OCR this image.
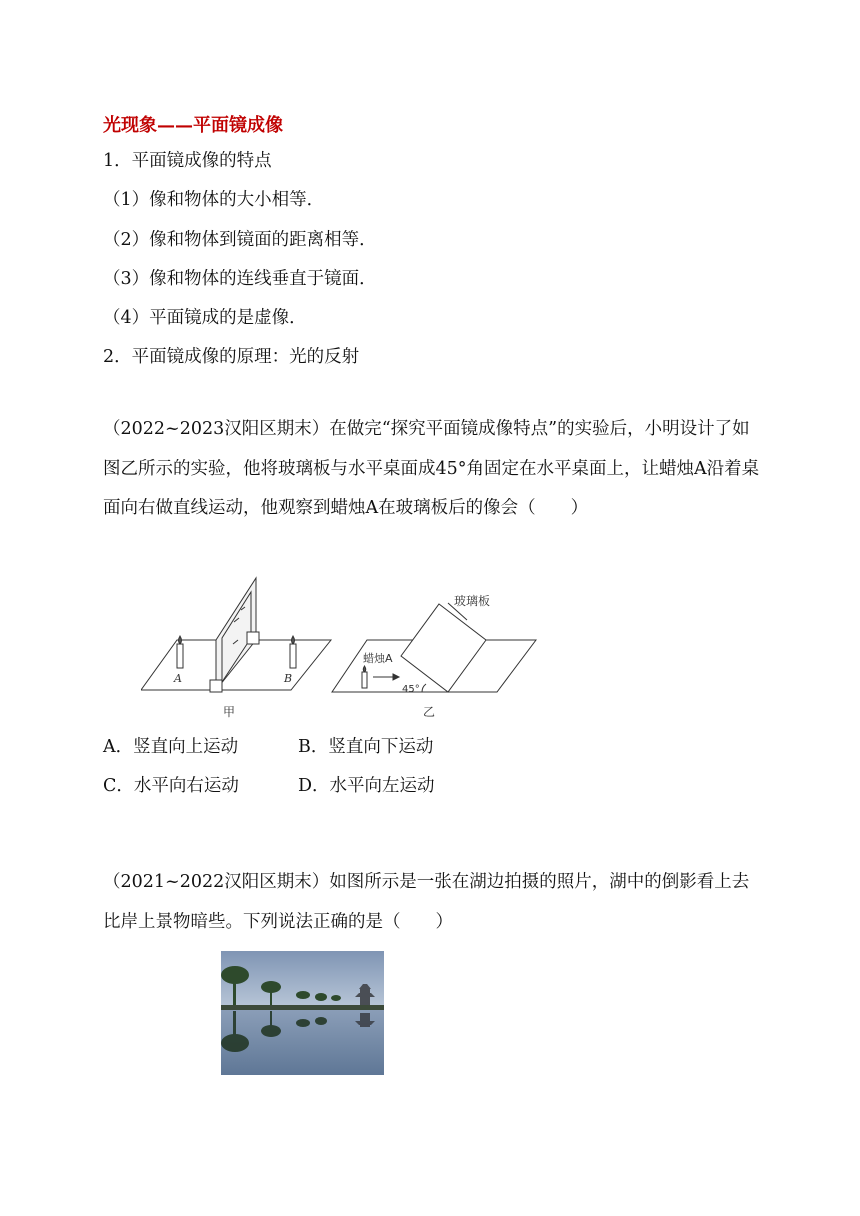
光现象——平面镜成像
1．平面镜成像的特点
（1）像和物体的大小相等．
（2）像和物体到镜面的距离相等．
（3）像和物体的连线垂直于镜面．
（4）平面镜成的是虚像．
2．平面镜成像的原理：光的反射

（2022~2023汉阳区期末）在做完“探究平面镜成像特点”的实验后，小明设计了如图乙所示的实验，他将玻璃板与水平桌面成45°角固定在水平桌面上，让蜡烛A沿着桌面向右做直线运动，他观察到蜡烛A在玻璃板后的像会（　　）

A	B
甲
玻璃板
蜡烛A
45°
乙
A．竖直向上运动	B．竖直向下运动
C．水平向右运动	D．水平向左运动

（2021~2022汉阳区期末）如图所示是一张在湖边拍摄的照片，湖中的倒影看上去比岸上景物暗些。下列说法正确的是（　　）
